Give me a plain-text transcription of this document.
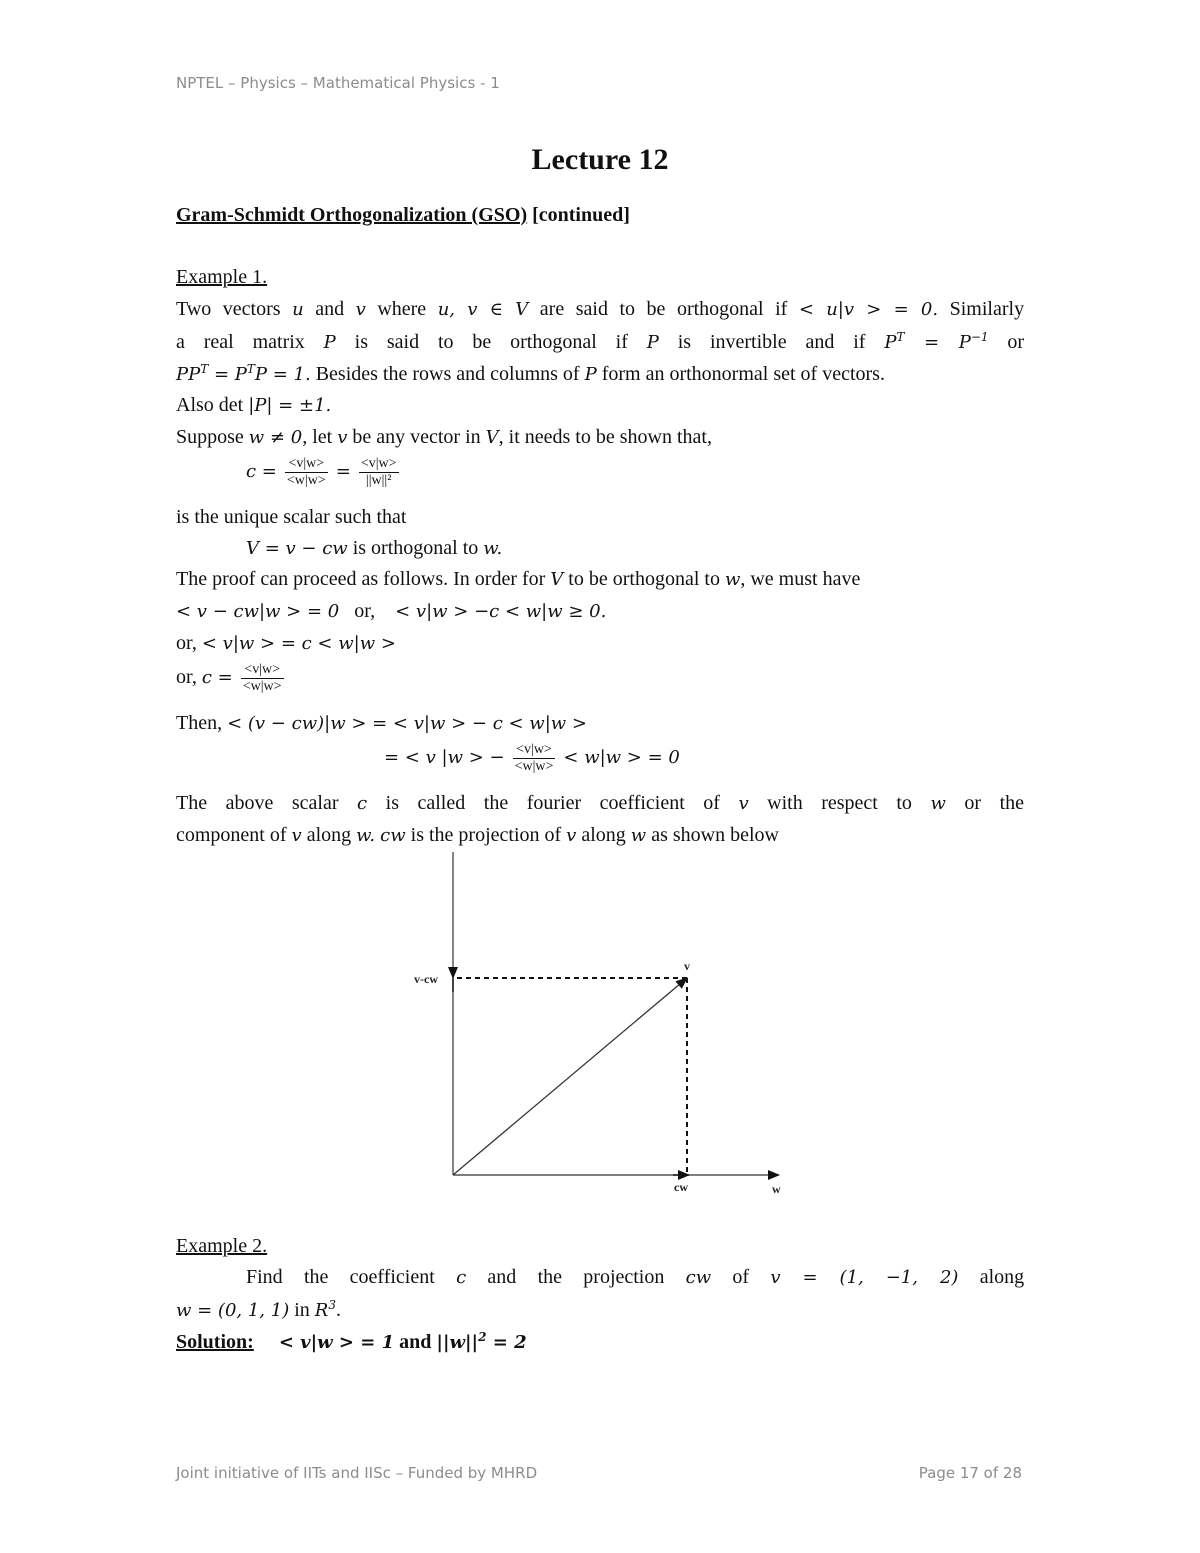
NPTEL – Physics – Mathematical Physics - 1
Lecture 12
Gram-Schmidt Orthogonalization (GSO) [continued]
Example 1.
Two vectors u and v where u, v ∈ V are said to be orthogonal if < u|v > = 0. Similarly
a real matrix P is said to be orthogonal if P is invertible and if $P^T = P^{-1}$ or
$PP^T = P^TP = 1$. Besides the rows and columns of P form an orthonormal set of vectors.
Also det |P| = ±1.
Suppose w ≠ 0, let v be any vector in V, it needs to be shown that,
$c = \frac{<v|w>}{<w|w>} = \frac{<v|w>}{\text{||w||²}}$
is the unique scalar such that
V = v − cw is orthogonal to w.
The proof can proceed as follows. In order for V to be orthogonal to w, we must have
< v − cw|w > = 0 or, < v|w > −c < w|w ≥ 0.
or, < v|w > = c < w|w >
or, $c = \frac{<v|w>}{<w|w>}$
Then, < (v − cw)|w > = < v|w > − c < w|w >
= < v |w > − $\frac{<v|w>}{<w|w>} < w|w$ > = 0
The above scalar c is called the fourier coefficient of v with respect to w or the
component of v along w. cw is the projection of v along w as shown below
v
v-cw
cw	w
Example 2.
Find the coefficient c and the projection cw of v = (1, −1, 2) along
w = (0, 1, 1) in $R^3$.
Solution: < v|w > = 1 and $||w||^2 = 2$
Joint initiative of IITs and IISc – Funded by MHRD	Page 17 of 28
